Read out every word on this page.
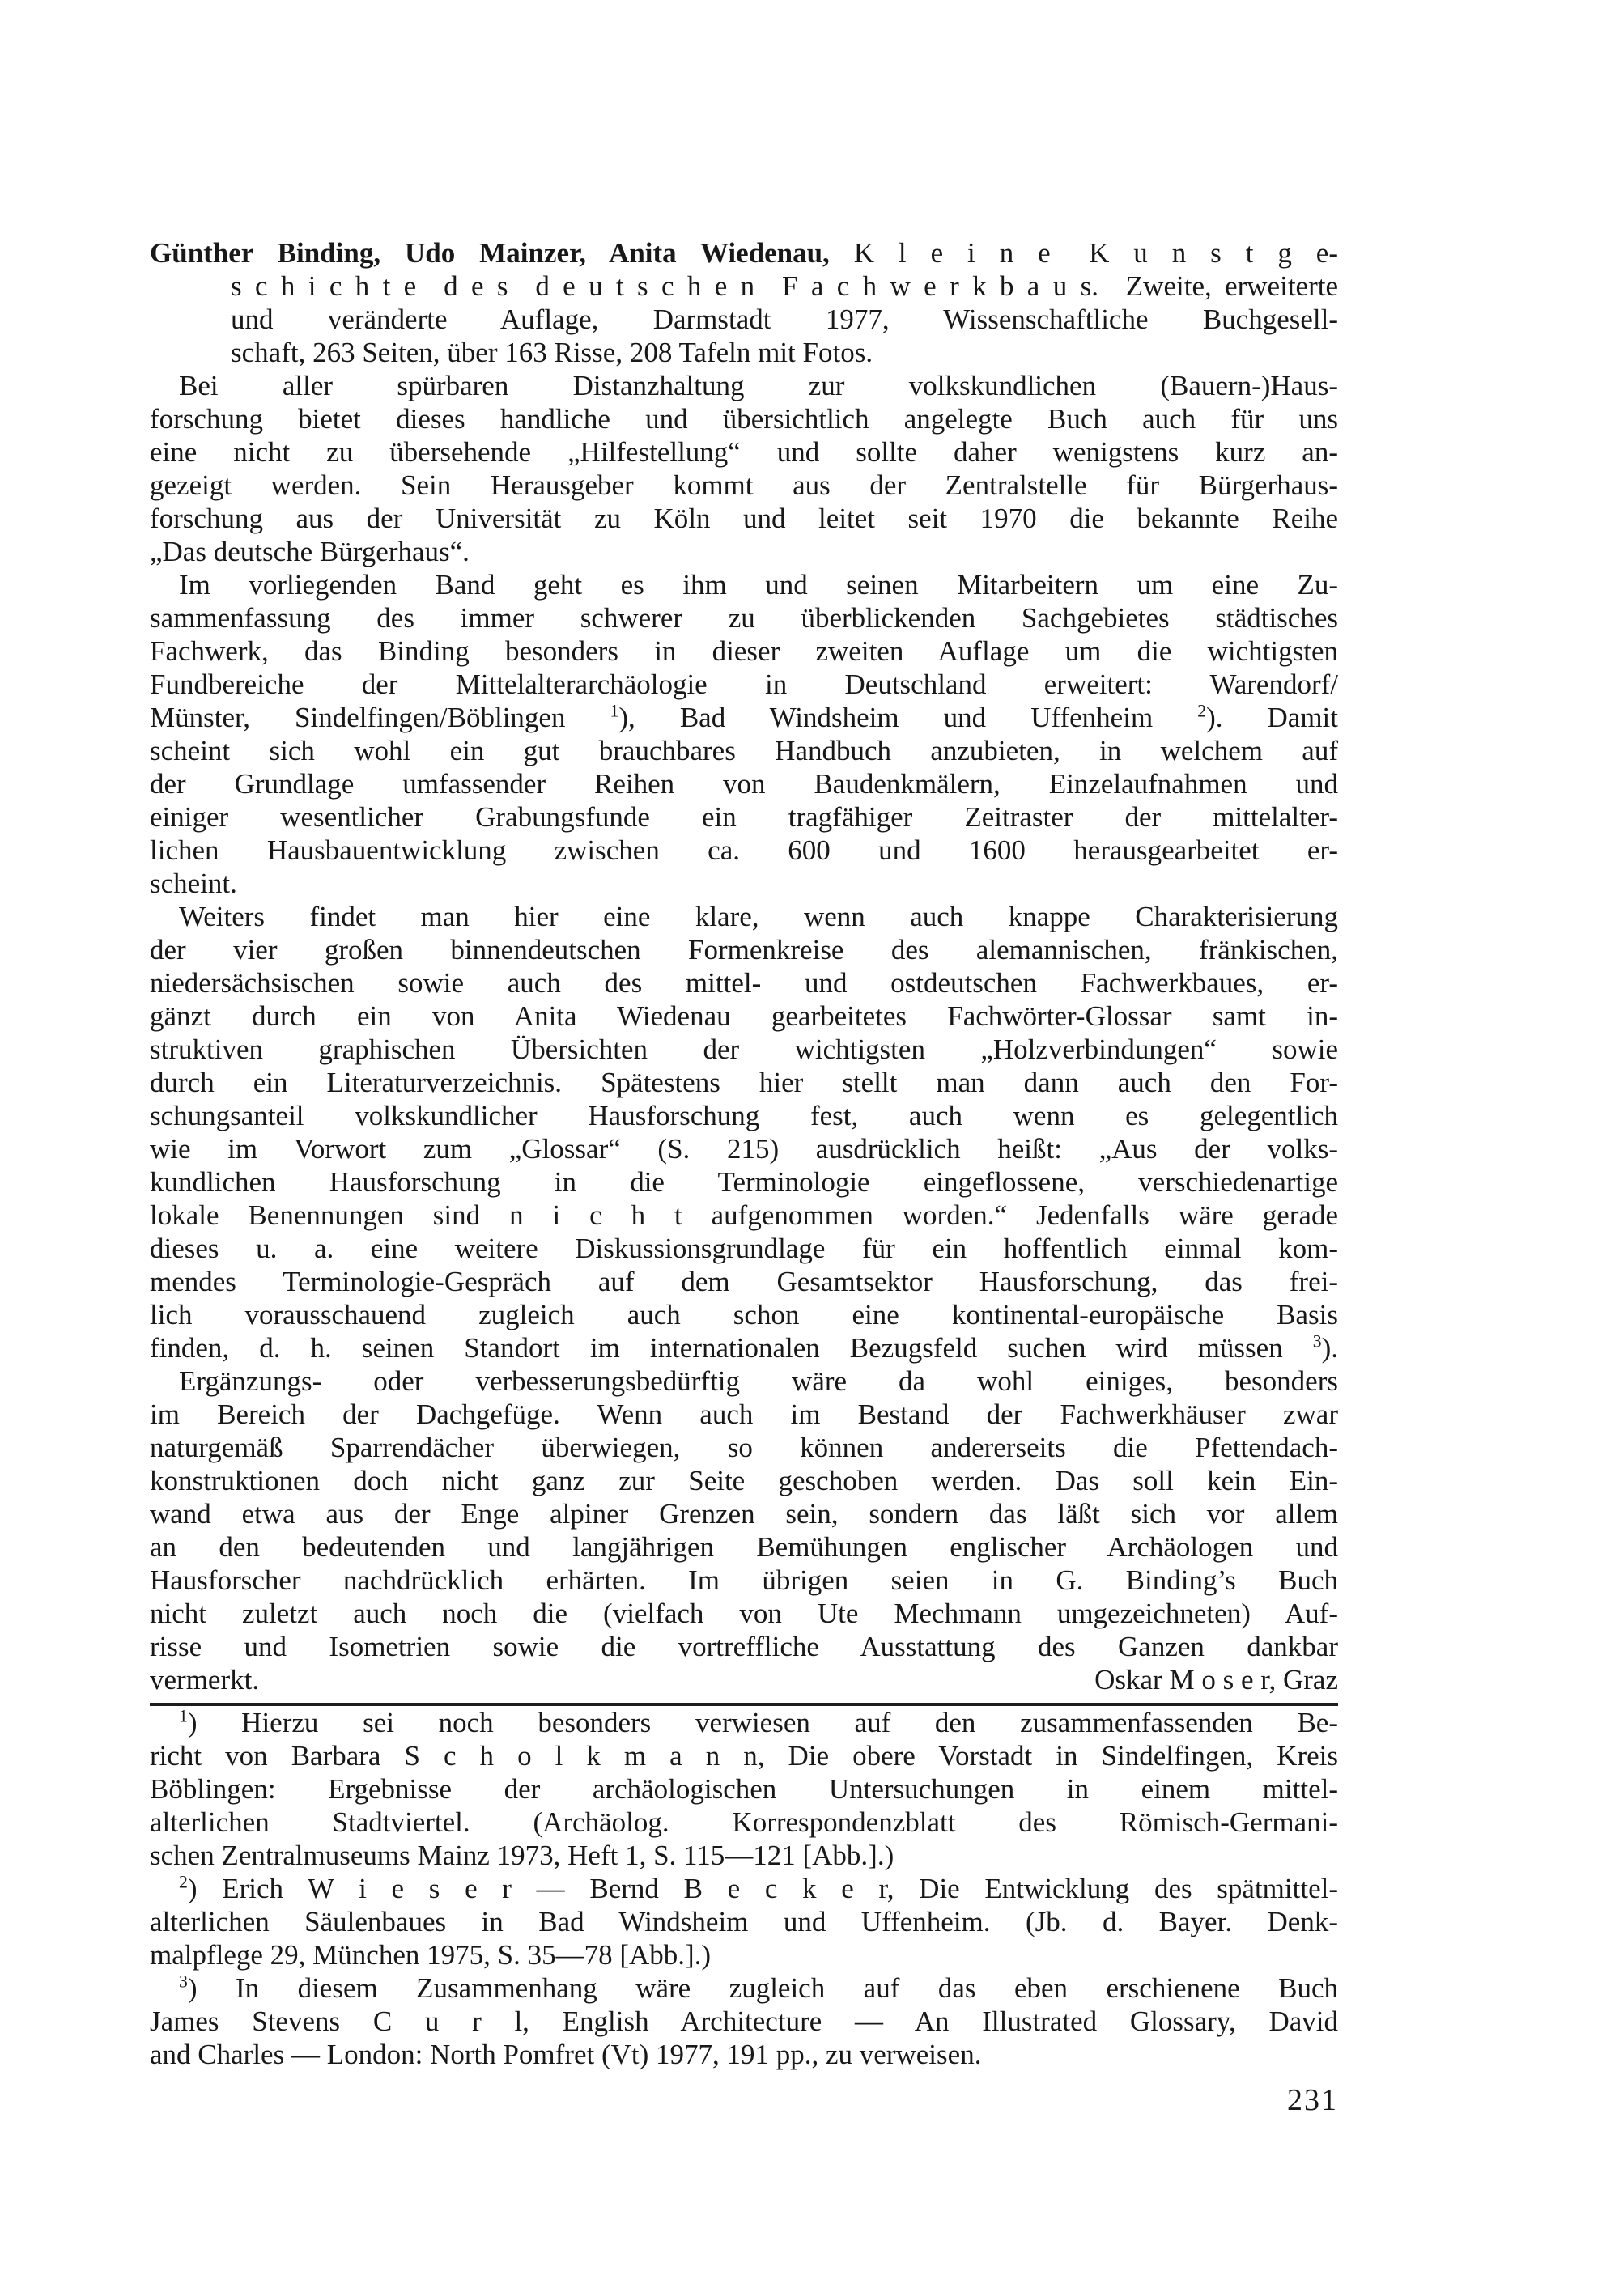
Günther Binding, Udo Mainzer, Anita Wiedenau, K l e i n e  K u n s t g e-
s c h i c h t e  d e s  d e u t s c h e n  F a c h w e r k b a u s.  Zweite, erweiterte
und veränderte Auflage, Darmstadt 1977, Wissenschaftliche Buchgesell-
schaft, 263 Seiten, über 163 Risse, 208 Tafeln mit Fotos.
Bei aller spürbaren Distanzhaltung zur volkskundlichen (Bauern-)Haus-
forschung bietet dieses handliche und übersichtlich angelegte Buch auch für uns
eine nicht zu übersehende „Hilfestellung“ und sollte daher wenigstens kurz an-
gezeigt werden. Sein Herausgeber kommt aus der Zentralstelle für Bürgerhaus-
forschung aus der Universität zu Köln und leitet seit 1970 die bekannte Reihe
„Das deutsche Bürgerhaus“.
Im vorliegenden Band geht es ihm und seinen Mitarbeitern um eine Zu-
sammenfassung des immer schwerer zu überblickenden Sachgebietes städtisches
Fachwerk, das Binding besonders in dieser zweiten Auflage um die wichtigsten
Fundbereiche der Mittelalterarchäologie in Deutschland erweitert: Warendorf/
Münster, Sindelfingen/Böblingen $^1$), Bad Windsheim und Uffenheim $^2$). Damit
scheint sich wohl ein gut brauchbares Handbuch anzubieten, in welchem auf
der Grundlage umfassender Reihen von Baudenkmälern, Einzelaufnahmen und
einiger wesentlicher Grabungsfunde ein tragfähiger Zeitraster der mittelalter-
lichen Hausbauentwicklung zwischen ca. 600 und 1600 herausgearbeitet er-
scheint.
Weiters findet man hier eine klare, wenn auch knappe Charakterisierung
der vier großen binnendeutschen Formenkreise des alemannischen, fränkischen,
niedersächsischen sowie auch des mittel- und ostdeutschen Fachwerkbaues, er-
gänzt durch ein von Anita Wiedenau gearbeitetes Fachwörter-Glossar samt in-
struktiven graphischen Übersichten der wichtigsten „Holzverbindungen“ sowie
durch ein Literaturverzeichnis. Spätestens hier stellt man dann auch den For-
schungsanteil volkskundlicher Hausforschung fest, auch wenn es gelegentlich
wie im Vorwort zum „Glossar“ (S. 215) ausdrücklich heißt: „Aus der volks-
kundlichen Hausforschung in die Terminologie eingeflossene, verschiedenartige
lokale Benennungen sind n i c h t aufgenommen worden.“ Jedenfalls wäre gerade
dieses u. a. eine weitere Diskussionsgrundlage für ein hoffentlich einmal kom-
mendes Terminologie-Gespräch auf dem Gesamtsektor Hausforschung, das frei-
lich vorausschauend zugleich auch schon eine kontinental-europäische Basis
finden, d. h. seinen Standort im internationalen Bezugsfeld suchen wird müssen $^3$).
Ergänzungs- oder verbesserungsbedürftig wäre da wohl einiges, besonders
im Bereich der Dachgefüge. Wenn auch im Bestand der Fachwerkhäuser zwar
naturgemäß Sparrendächer überwiegen, so können andererseits die Pfettendach-
konstruktionen doch nicht ganz zur Seite geschoben werden. Das soll kein Ein-
wand etwa aus der Enge alpiner Grenzen sein, sondern das läßt sich vor allem
an den bedeutenden und langjährigen Bemühungen englischer Archäologen und
Hausforscher nachdrücklich erhärten. Im übrigen seien in G. Binding’s Buch
nicht zuletzt auch noch die (vielfach von Ute Mechmann umgezeichneten) Auf-
risse und Isometrien sowie die vortreffliche Ausstattung des Ganzen dankbar
vermerkt.	Oskar M o s e r, Graz
$^1$) Hierzu sei noch besonders verwiesen auf den zusammenfassenden Be-
richt von Barbara S c h o l k m a n n, Die obere Vorstadt in Sindelfingen, Kreis
Böblingen: Ergebnisse der archäologischen Untersuchungen in einem mittel-
alterlichen Stadtviertel. (Archäolog. Korrespondenzblatt des Römisch-Germani-
schen Zentralmuseums Mainz 1973, Heft 1, S. 115—121 [Abb.].)
$^2$) Erich W i e s e r — Bernd B e c k e r, Die Entwicklung des spätmittel-
alterlichen Säulenbaues in Bad Windsheim und Uffenheim. (Jb. d. Bayer. Denk-
malpflege 29, München 1975, S. 35—78 [Abb.].)
$^3$) In diesem Zusammenhang wäre zugleich auf das eben erschienene Buch
James Stevens C u r l, English Architecture — An Illustrated Glossary, David
and Charles — London: North Pomfret (Vt) 1977, 191 pp., zu verweisen.
231
